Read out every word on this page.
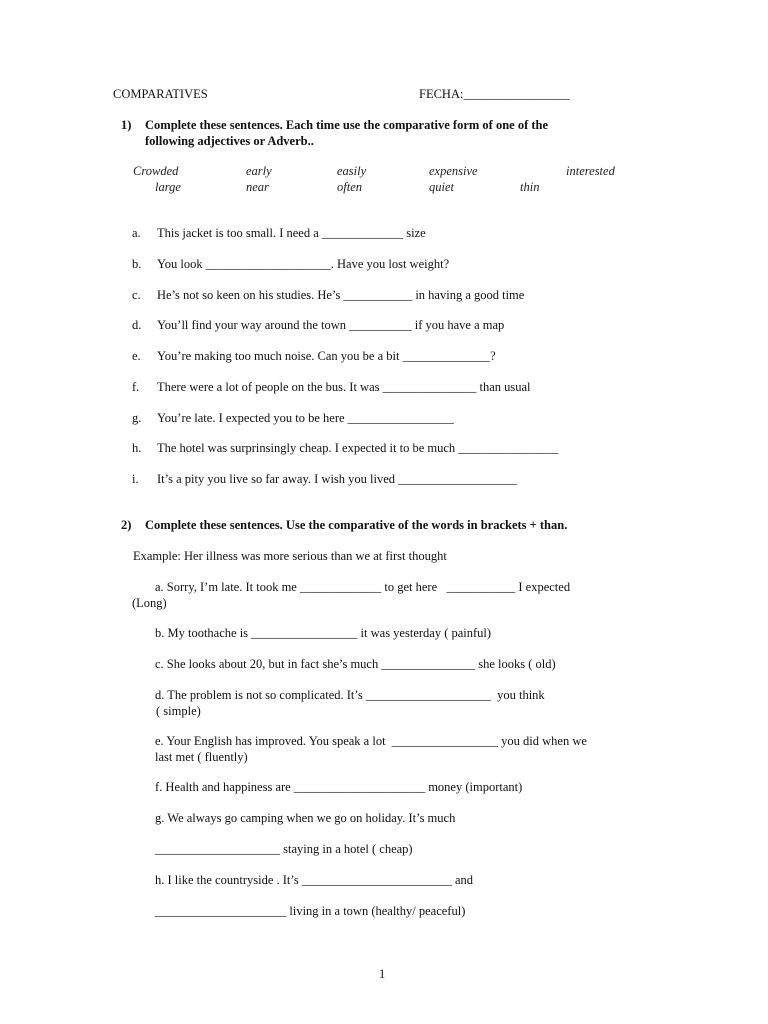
COMPARATIVES	FECHA:_________________
1) Complete these sentences. Each time use the comparative form of one of the
following adjectives or Adverb..
Crowded	early	easily	expensive	interested
large	near	often	quiet	thin
a. This jacket is too small. I need a _____________ size
b. You look ____________________. Have you lost weight?
c. He’s not so keen on his studies. He’s ___________ in having a good time
d. You’ll find your way around the town __________ if you have a map
e. You’re making too much noise. Can you be a bit ______________?
f. There were a lot of people on the bus. It was _______________ than usual
g. You’re late. I expected you to be here _________________
h. The hotel was surprinsingly cheap. I expected it to be much ________________
i. It’s a pity you live so far away. I wish you lived ___________________
2) Complete these sentences. Use the comparative of the words in brackets + than.
Example: Her illness was more serious than we at first thought
a. Sorry, I’m late. It took me _____________ to get here   ___________ I expected
(Long)
b. My toothache is _________________ it was yesterday ( painful)
c. She looks about 20, but in fact she’s much _______________ she looks ( old)
d. The problem is not so complicated. It’s ____________________  you think
( simple)
e. Your English has improved. You speak a lot  _________________ you did when we
last met ( fluently)
f. Health and happiness are _____________________ money (important)
g. We always go camping when we go on holiday. It’s much
____________________ staying in a hotel ( cheap)
h. I like the countryside . It’s ________________________ and
_____________________ living in a town (healthy/ peaceful)
1
